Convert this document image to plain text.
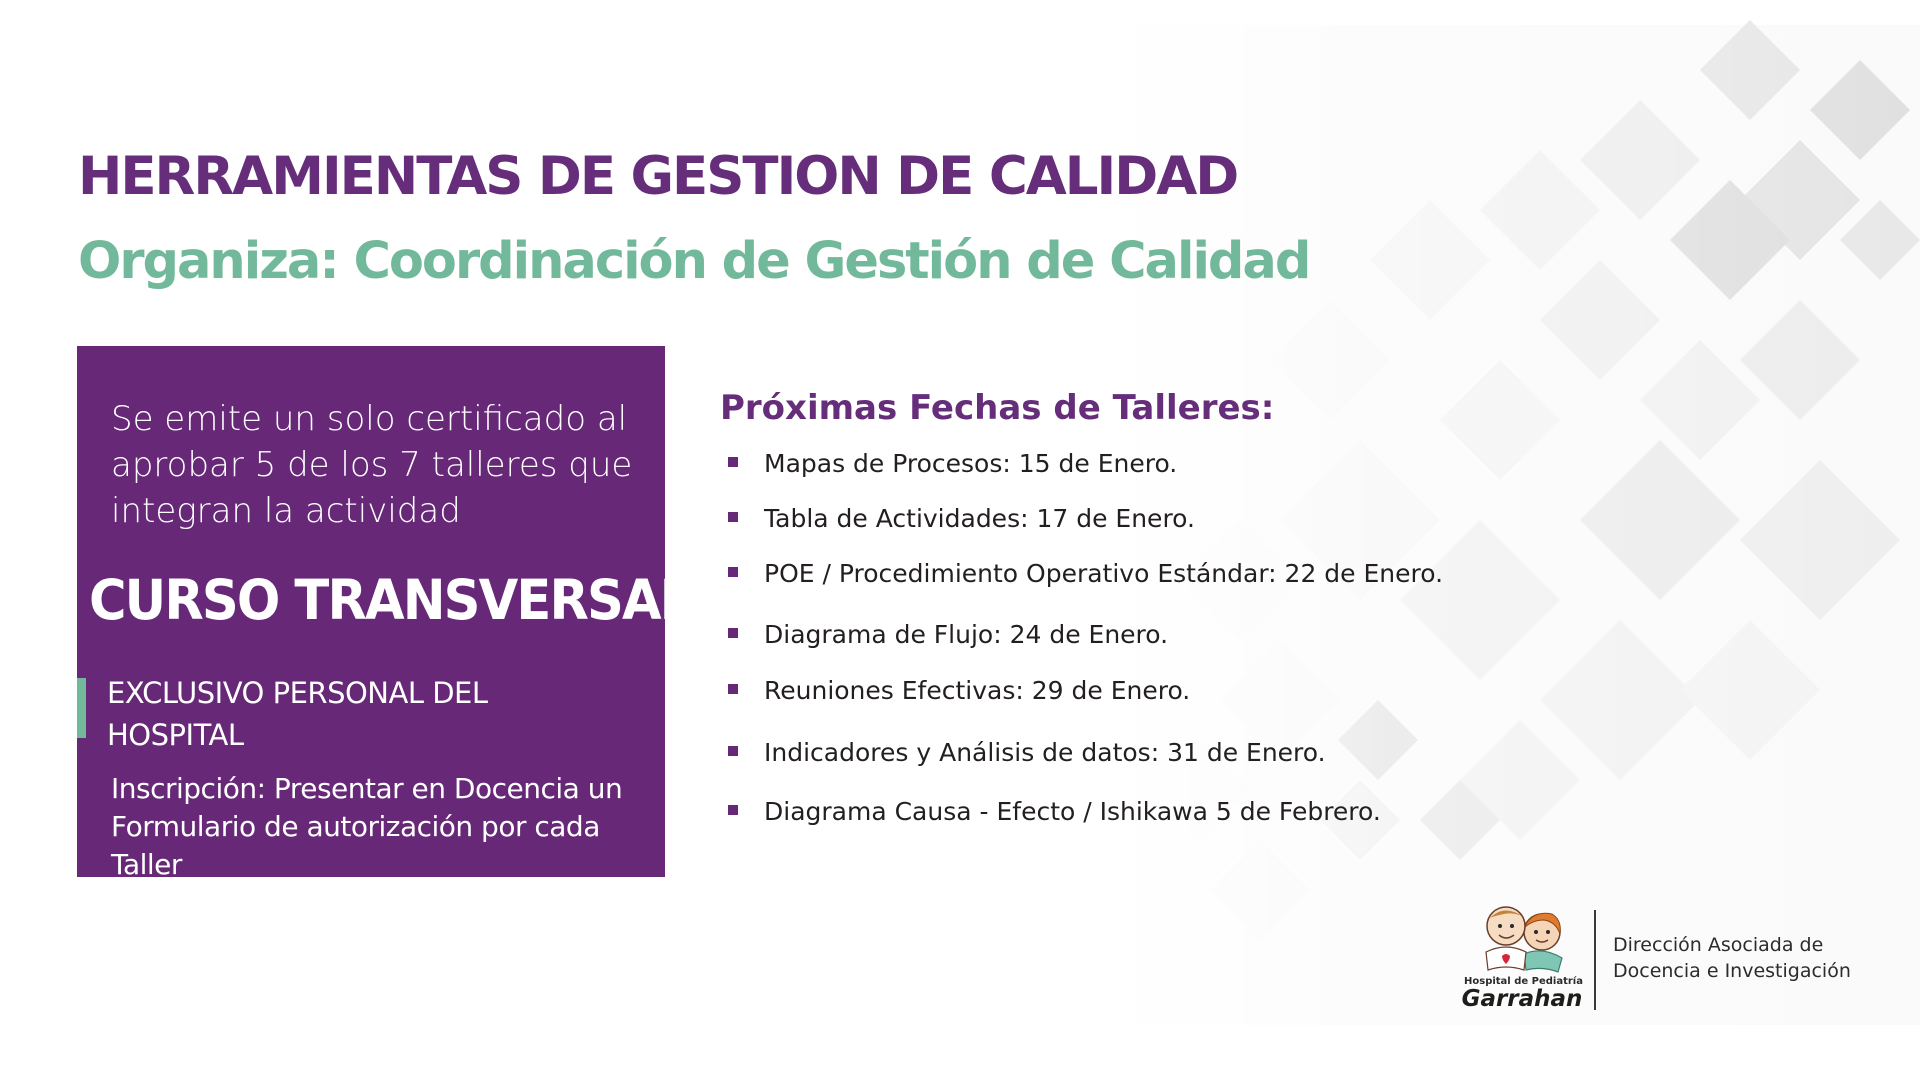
HERRAMIENTAS DE GESTION DE CALIDAD
Organiza: Coordinación de Gestión de Calidad
Se emite un solo certificado al
aprobar 5 de los 7 talleres que
integran la actividad
CURSO TRANSVERSAL
EXCLUSIVO PERSONAL DEL
HOSPITAL
Inscripción: Presentar en Docencia un
Formulario de autorización por cada Taller
Próximas Fechas de Talleres:
Mapas de Procesos: 15 de Enero.
Tabla de Actividades: 17 de Enero.
POE / Procedimiento Operativo Estándar: 22 de Enero.
Diagrama de Flujo: 24 de Enero.
Reuniones Efectivas: 29 de Enero.
Indicadores y Análisis de datos: 31 de Enero.
Diagrama Causa - Efecto / Ishikawa 5 de Febrero.
Hospital de Pediatría
Garrahan
Dirección Asociada de
Docencia e Investigación
